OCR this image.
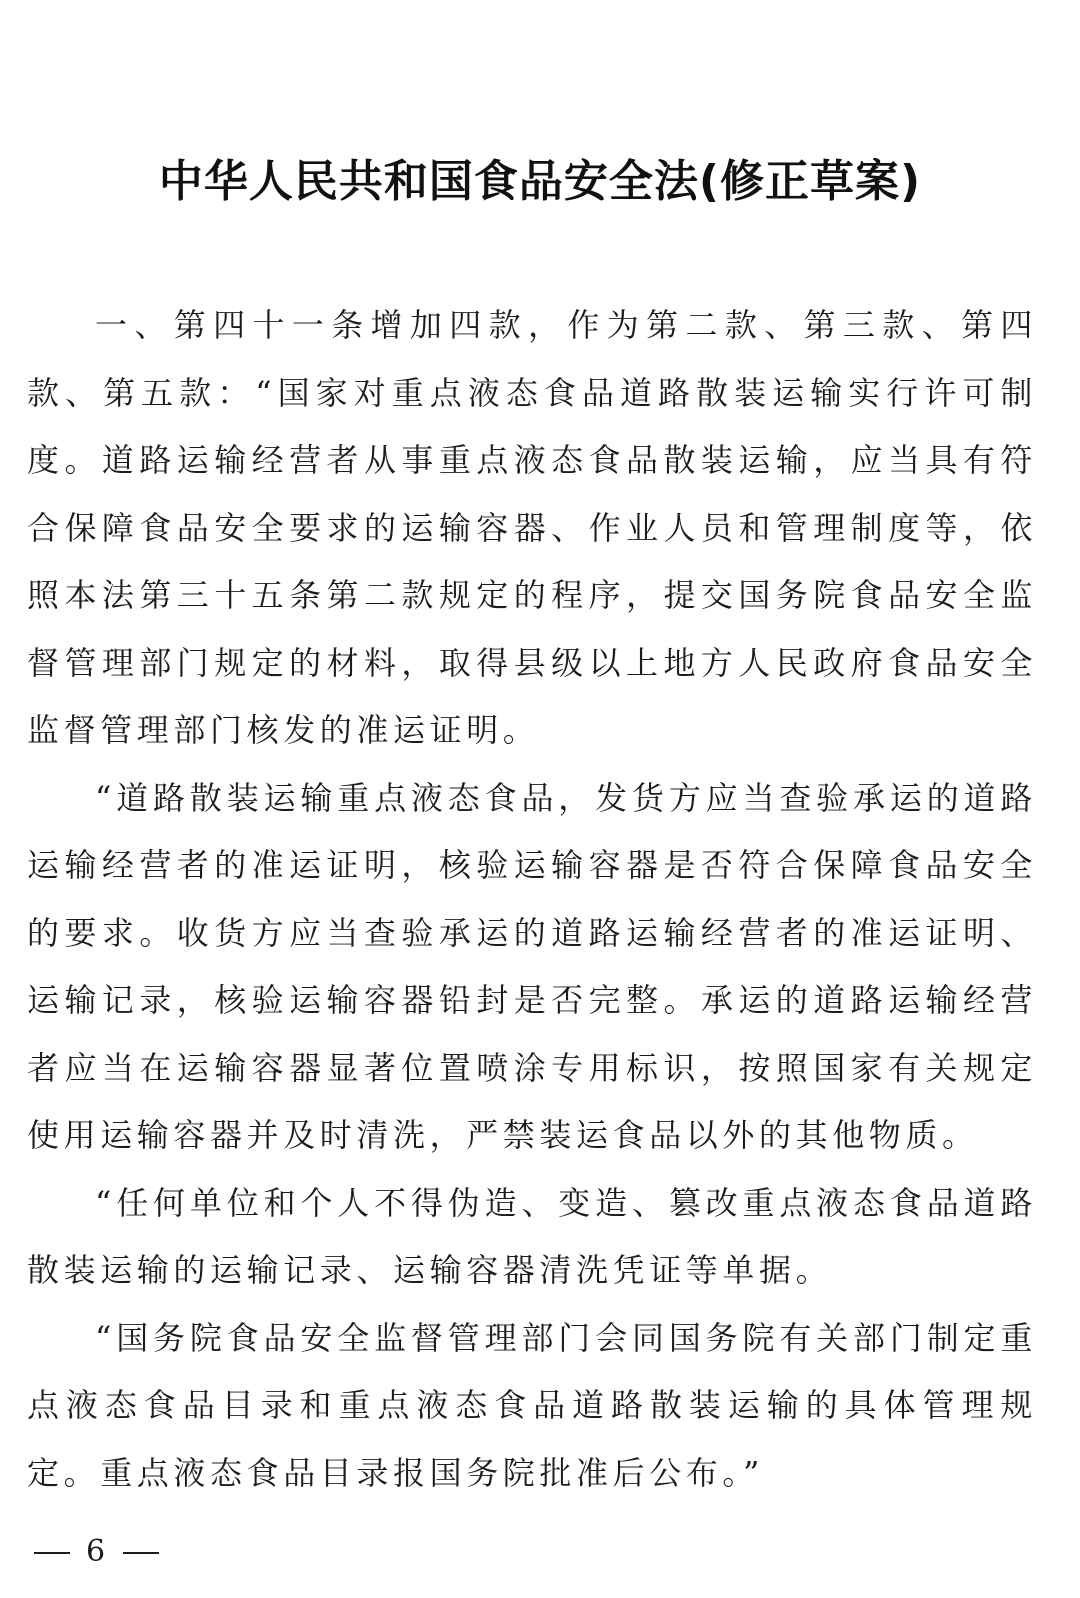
中华人民共和国食品安全法(修正草案)

一、第四十一条增加四款，作为第二款、第三款、第四款、第五款：“国家对重点液态食品道路散装运输实行许可制度。道路运输经营者从事重点液态食品散装运输，应当具有符合保障食品安全要求的运输容器、作业人员和管理制度等，依照本法第三十五条第二款规定的程序，提交国务院食品安全监督管理部门规定的材料，取得县级以上地方人民政府食品安全监督管理部门核发的准运证明。

“道路散装运输重点液态食品，发货方应当查验承运的道路运输经营者的准运证明，核验运输容器是否符合保障食品安全的要求。收货方应当查验承运的道路运输经营者的准运证明、运输记录，核验运输容器铅封是否完整。承运的道路运输经营者应当在运输容器显著位置喷涂专用标识，按照国家有关规定使用运输容器并及时清洗，严禁装运食品以外的其他物质。

“任何单位和个人不得伪造、变造、篡改重点液态食品道路散装运输的运输记录、运输容器清洗凭证等单据。

“国务院食品安全监督管理部门会同国务院有关部门制定重点液态食品目录和重点液态食品道路散装运输的具体管理规定。重点液态食品目录报国务院批准后公布。”

6
